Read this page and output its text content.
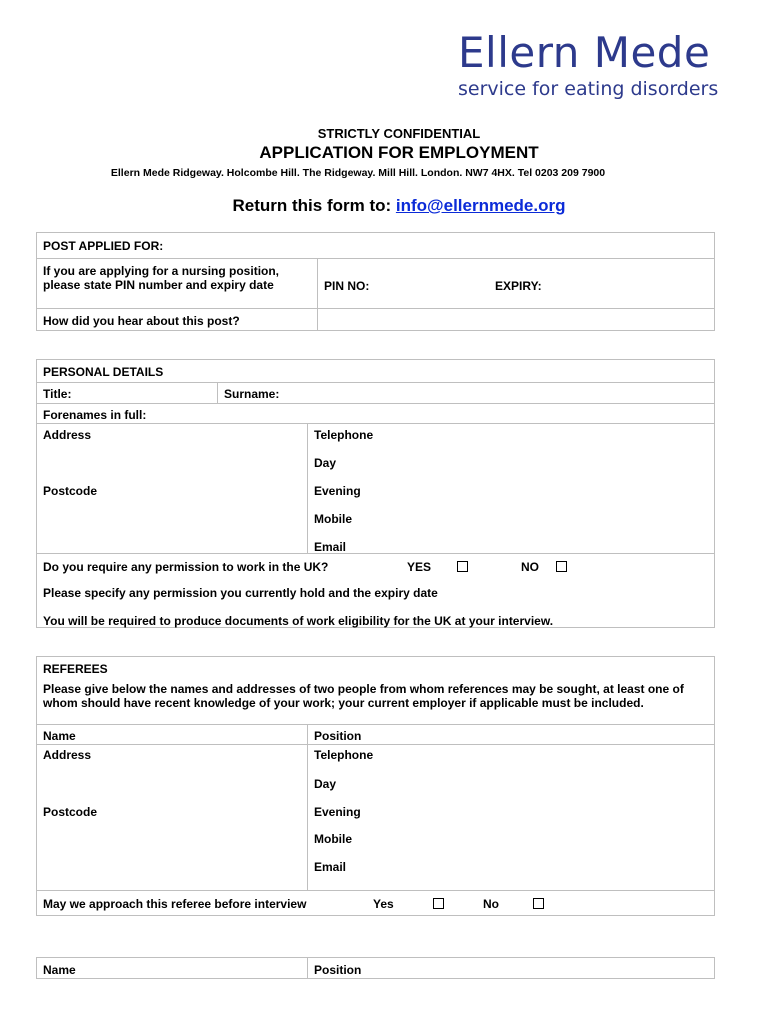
Ellern Mede
service for eating disorders
STRICTLY CONFIDENTIAL
APPLICATION FOR EMPLOYMENT
Ellern Mede Ridgeway. Holcombe Hill. The Ridgeway. Mill Hill. London. NW7 4HX. Tel 0203 209 7900
Return this form to: info@ellernmede.org
POST APPLIED FOR:
If you are applying for a nursing position, please state PIN number and expiry date	PIN NO:	EXPIRY:
How did you hear about this post?
PERSONAL DETAILS
Title:	Surname:
Forenames in full:
Address	Telephone
Day
Postcode	Evening
Mobile
Email
Do you require any permission to work in the UK?	YES	NO
Please specify any permission you currently hold and the expiry date
You will be required to produce documents of work eligibility for the UK at your interview.
REFEREES
Please give below the names and addresses of two people from whom references may be sought, at least one of whom should have recent knowledge of your work; your current employer if applicable must be included.
Name	Position
Address	Telephone
Day
Postcode	Evening
Mobile
Email
May we approach this referee before interview	Yes	No
Name	Position
